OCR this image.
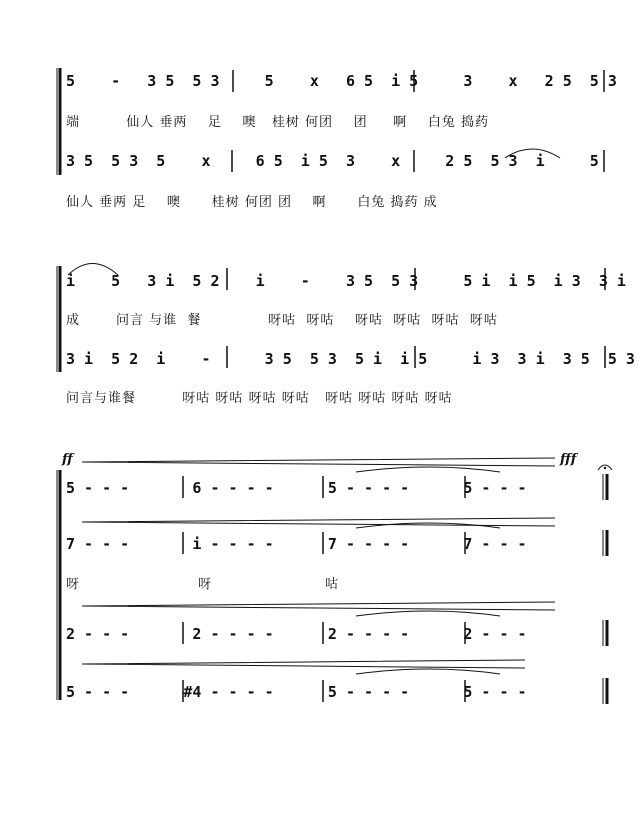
5    -   3 5  5 3     5    x   6 5  i 5     3    x   2 5  5 3
端	仙人 垂两 足 噢 桂树 何团 团 啊 白兔 捣药
3 5  5 3  5    x     6 5  i 5  3    x     2 5  5 3  i     5
仙人 垂两 足 噢 桂树 何团 团 啊 白兔 捣药 成
i    5   3 i  5 2    i    -    3 5  5 3     5 i  i 5  i 3  3 i
成	问言 与谁 餐	呀咕 呀咕 呀咕 呀咕 呀咕 呀咕
3 i  5 2  i    -      3 5  5 3  5 i  i 5     i 3  3 i  3 5  5 3
问言与谁餐	呀咕 呀咕 呀咕 呀咕 呀咕 呀咕 呀咕 呀咕
ff	fff
5 - - -       6 - - - -      5 - - - -      5 - - -
7 - - -       i - - - -      7 - - - -      7 - - -
呀	呀	咕
2 - - -       2 - - - -      2 - - - -      2 - - -
5 - - -      #4 - - - -      5 - - - -      5 - - -
